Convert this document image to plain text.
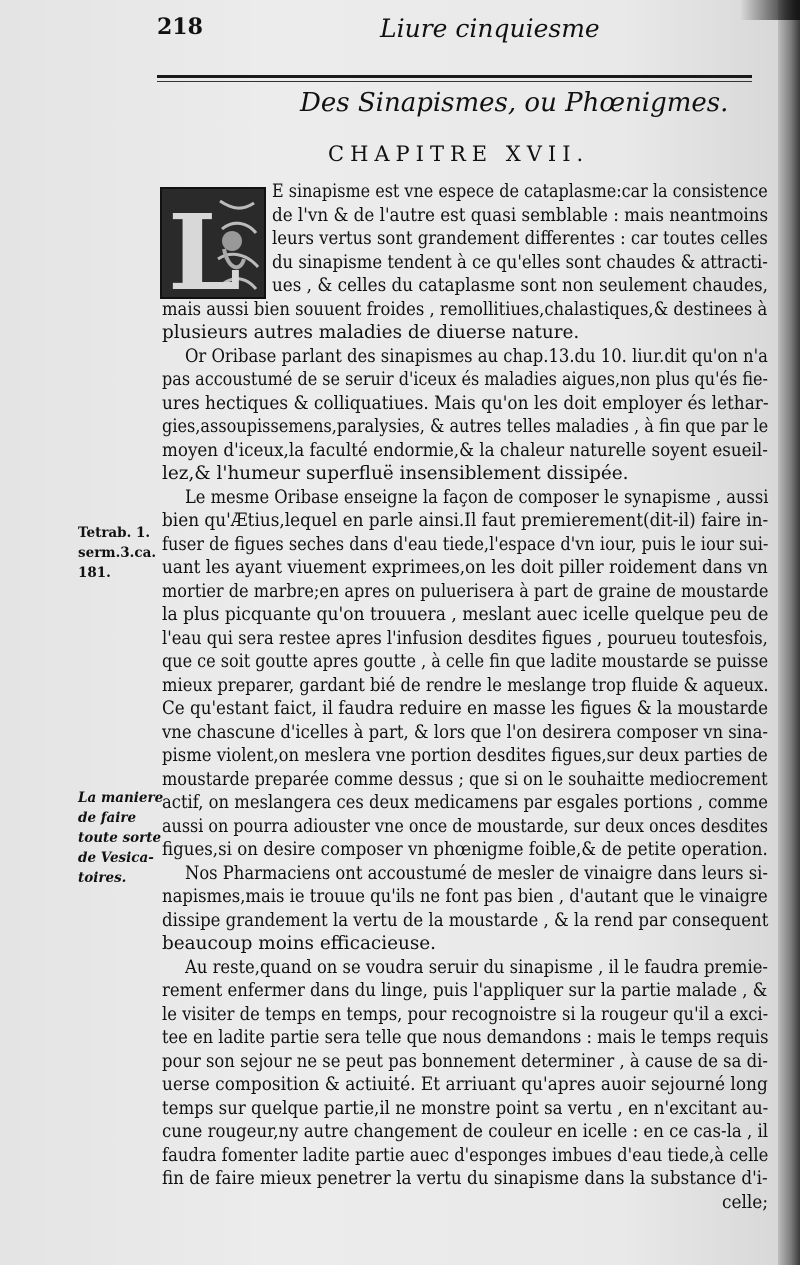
218	Liure cinquiesme
Des Sinapismes, ou Phœnigmes.
CHAPITRE XVII.
L E sinapisme est vne espece de cataplasme:car la consistence
de l'vn & de l'autre est quasi semblable : mais neantmoins
leurs vertus sont grandement differentes : car toutes celles
du sinapisme tendent à ce qu'elles sont chaudes & attracti-
ues , & celles du cataplasme sont non seulement chaudes,
mais aussi bien souuent froides , remollitiues,chalastiques,& destinees à
plusieurs autres maladies de diuerse nature.
Or Oribase parlant des sinapismes au chap.13.du 10. liur.dit qu'on n'a
pas accoustumé de se seruir d'iceux és maladies aigues,non plus qu'és fie-
ures hectiques & colliquatiues. Mais qu'on les doit employer és lethar-
gies,assoupissemens,paralysies, & autres telles maladies , à fin que par le
moyen d'iceux,la faculté endormie,& la chaleur naturelle soyent esueil-
lez,& l'humeur superfluë insensiblement dissipée.
Le mesme Oribase enseigne la façon de composer le synapisme , aussi
bien qu'Ætius,lequel en parle ainsi.Il faut premierement(dit-il) faire in-
fuser de figues seches dans d'eau tiede,l'espace d'vn iour, puis le iour sui-
uant les ayant viuement exprimees,on les doit piller roidement dans vn
mortier de marbre;en apres on puluerisera à part de graine de moustarde
la plus picquante qu'on trouuera , meslant auec icelle quelque peu de
l'eau qui sera restee apres l'infusion desdites figues , pourueu toutesfois,
que ce soit goutte apres goutte , à celle fin que ladite moustarde se puisse
mieux preparer, gardant bié de rendre le meslange trop fluide & aqueux.
Ce qu'estant faict, il faudra reduire en masse les figues & la moustarde
vne chascune d'icelles à part, & lors que l'on desirera composer vn sina-
pisme violent,on meslera vne portion desdites figues,sur deux parties de
moustarde preparée comme dessus ; que si on le souhaitte mediocrement
actif, on meslangera ces deux medicamens par esgales portions , comme
aussi on pourra adiouster vne once de moustarde, sur deux onces desdites
figues,si on desire composer vn phœnigme foible,& de petite operation.
Nos Pharmaciens ont accoustumé de mesler de vinaigre dans leurs si-
napismes,mais ie trouue qu'ils ne font pas bien , d'autant que le vinaigre
dissipe grandement la vertu de la moustarde , & la rend par consequent
beaucoup moins efficacieuse.
Au reste,quand on se voudra seruir du sinapisme , il le faudra premie-
rement enfermer dans du linge, puis l'appliquer sur la partie malade , &
le visiter de temps en temps, pour recognoistre si la rougeur qu'il a exci-
tee en ladite partie sera telle que nous demandons : mais le temps requis
pour son sejour ne se peut pas bonnement determiner , à cause de sa di-
uerse composition & actiuité. Et arriuant qu'apres auoir sejourné long
temps sur quelque partie,il ne monstre point sa vertu , en n'excitant au-
cune rougeur,ny autre changement de couleur en icelle : en ce cas-la , il
faudra fomenter ladite partie auec d'esponges imbues d'eau tiede,à celle
fin de faire mieux penetrer la vertu du sinapisme dans la substance d'i-
celle;
Tetrab. 1.
serm.3.ca.
181.
La maniere
de faire
toute sorte
de Vesica-
toires.
